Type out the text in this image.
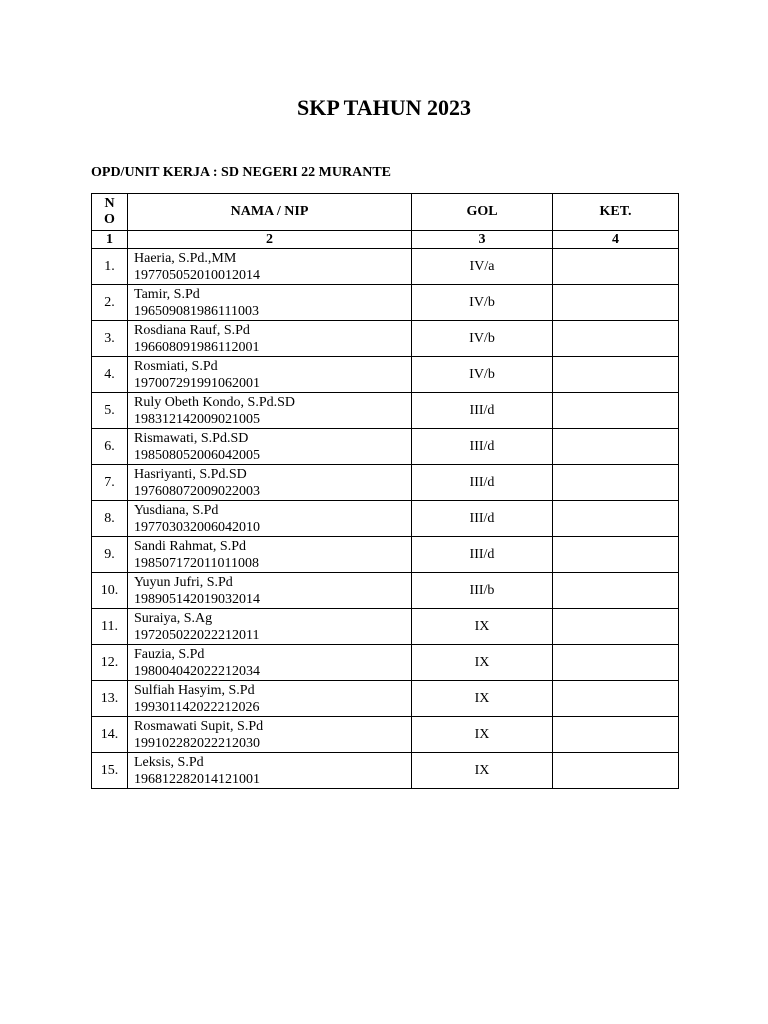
SKP TAHUN 2023
OPD/UNIT KERJA : SD NEGERI 22 MURANTE
N
O	NAMA / NIP	GOL	KET.
1	2	3	4
1.	Haeria, S.Pd.,MM
197705052010012014	IV/a	
2.	Tamir, S.Pd
196509081986111003	IV/b	
3.	Rosdiana Rauf, S.Pd
196608091986112001	IV/b	
4.	Rosmiati, S.Pd
197007291991062001	IV/b	
5.	Ruly Obeth Kondo, S.Pd.SD
198312142009021005	III/d	
6.	Rismawati, S.Pd.SD
198508052006042005	III/d	
7.	Hasriyanti, S.Pd.SD
197608072009022003	III/d	
8.	Yusdiana, S.Pd
197703032006042010	III/d	
9.	Sandi Rahmat, S.Pd
198507172011011008	III/d	
10.	Yuyun Jufri, S.Pd
198905142019032014	III/b	
11.	Suraiya, S.Ag
197205022022212011	IX	
12.	Fauzia, S.Pd
198004042022212034	IX	
13.	Sulfiah Hasyim, S.Pd
199301142022212026	IX	
14.	Rosmawati Supit, S.Pd
199102282022212030	IX	
15.	Leksis, S.Pd
196812282014121001	IX	
